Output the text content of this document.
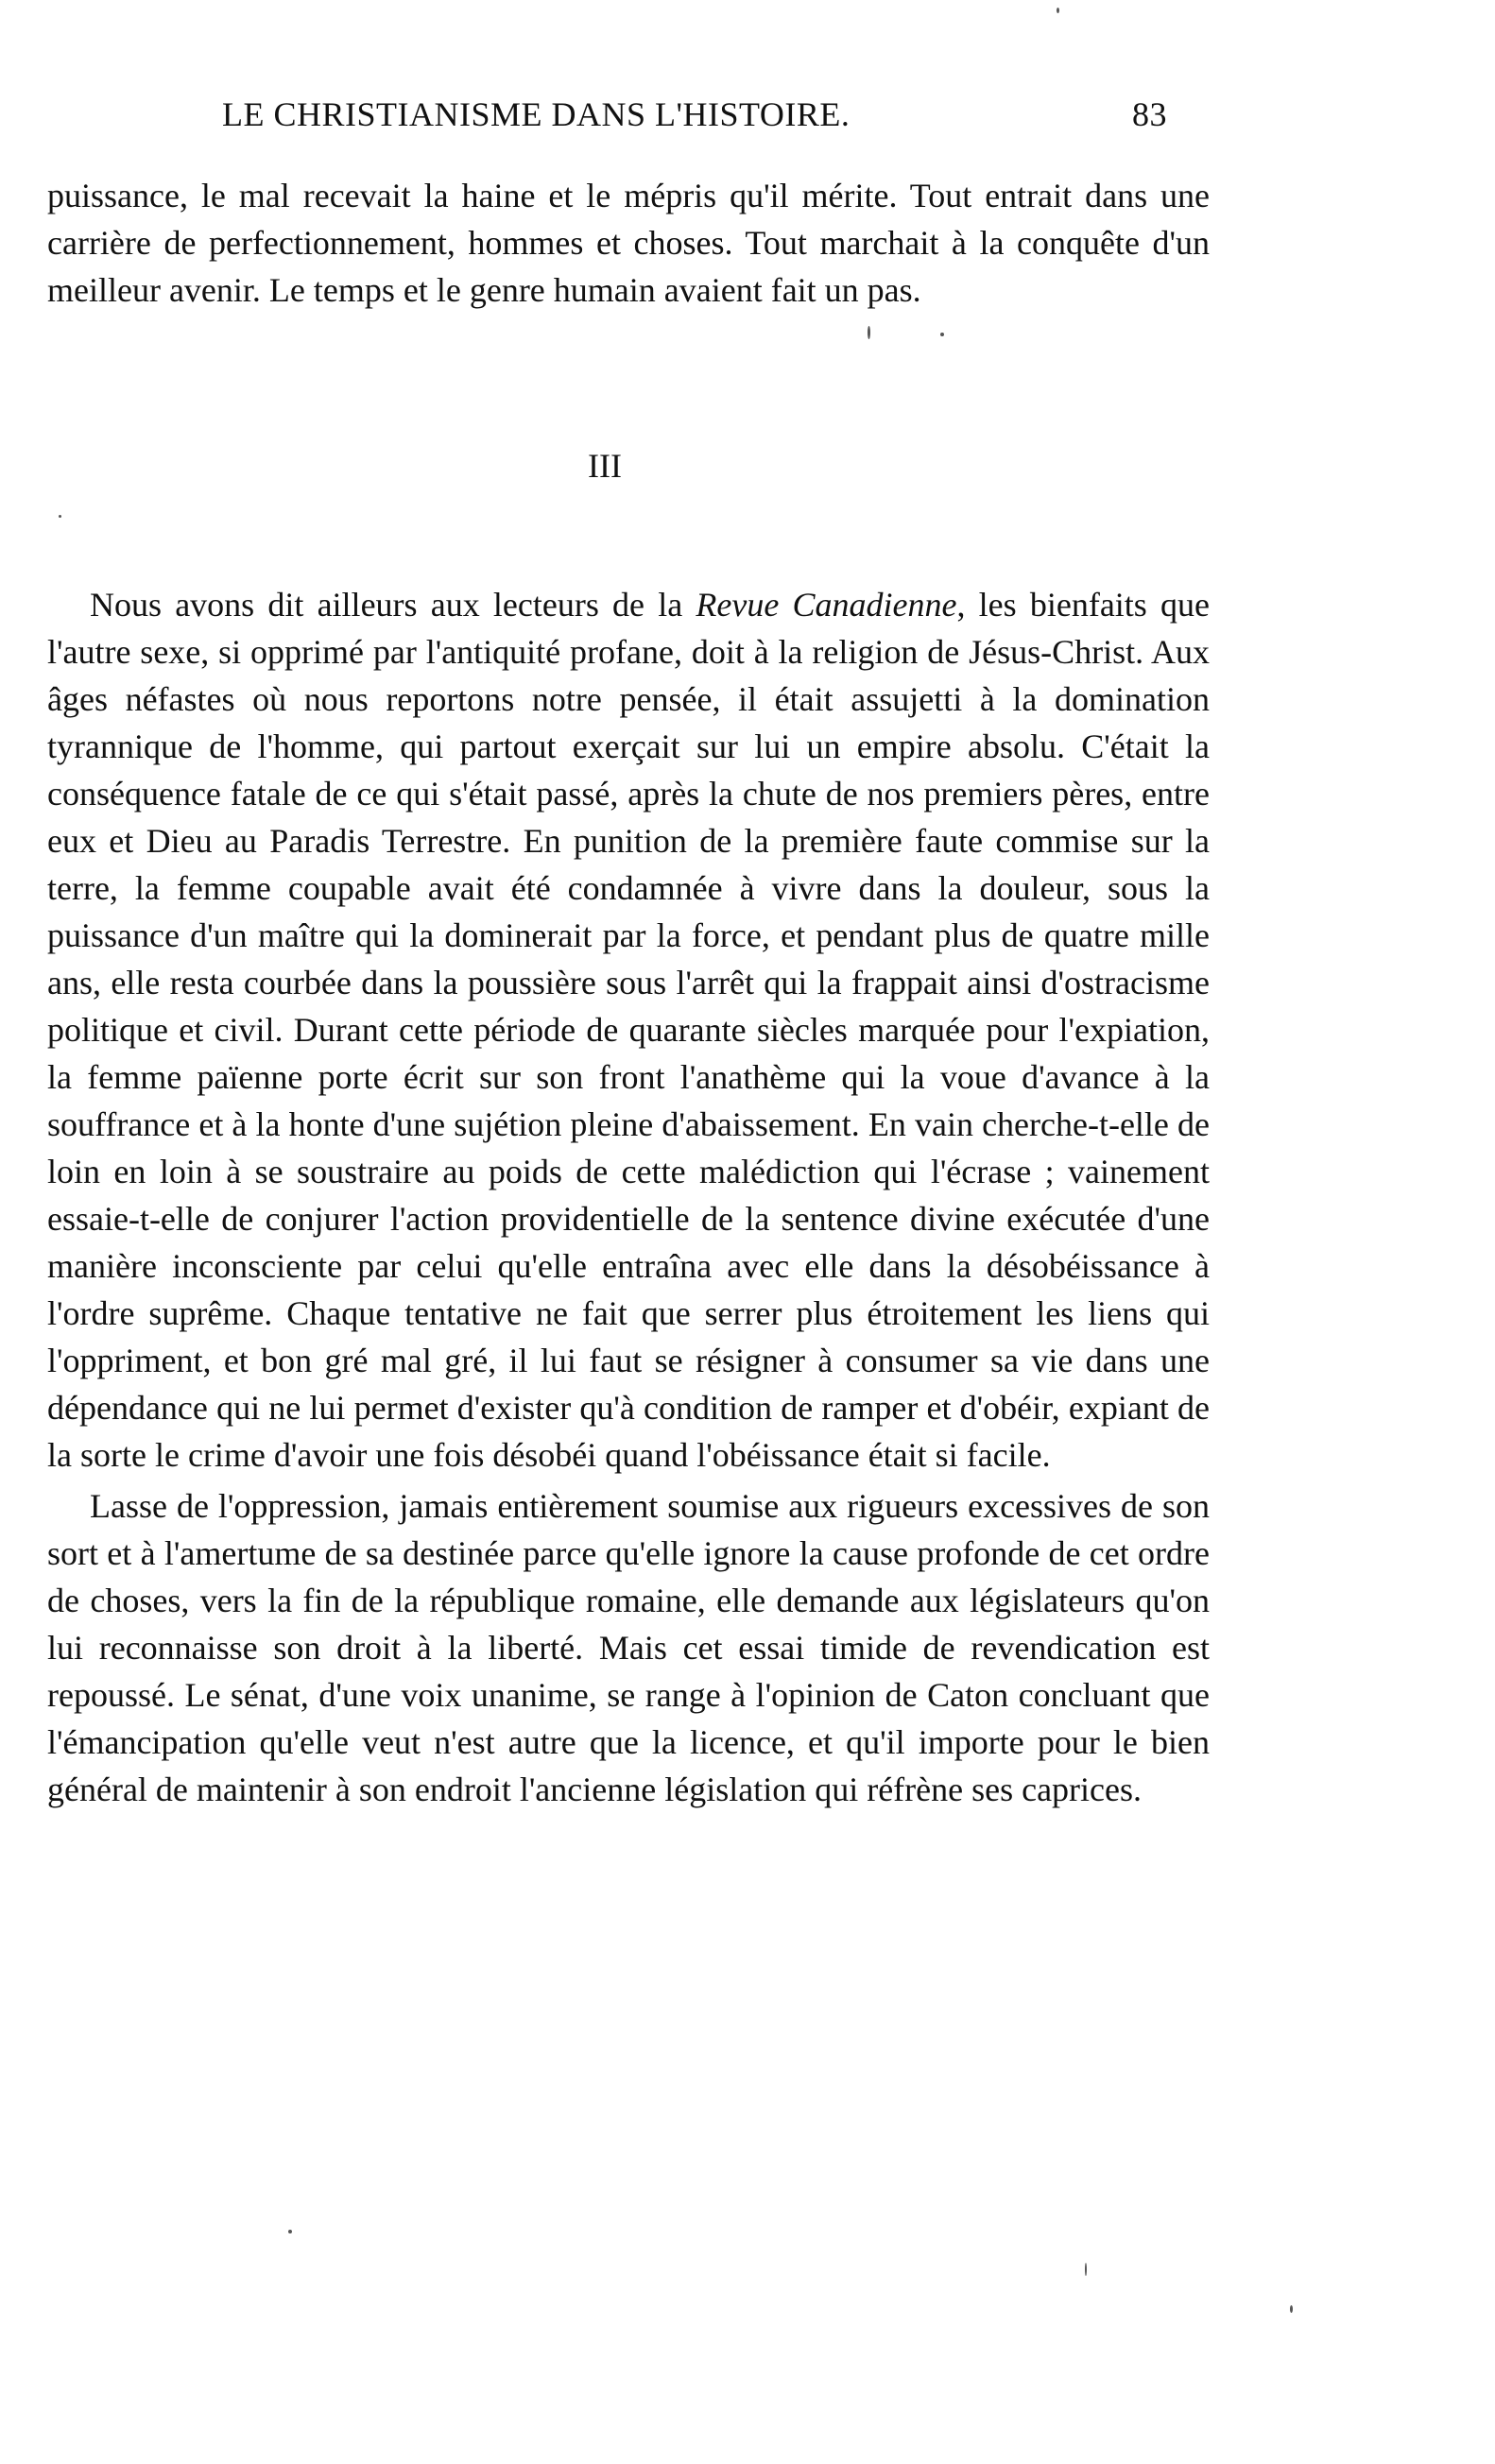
LE CHRISTIANISME DANS L'HISTOIRE.	83

puissance, le mal recevait la haine et le mépris qu'il mérite. Tout entrait dans une carrière de perfectionnement, hommes et choses. Tout marchait à la conquête d'un meilleur avenir. Le temps et le genre humain avaient fait un pas.

III

Nous avons dit ailleurs aux lecteurs de la Revue Canadienne, les bienfaits que l'autre sexe, si opprimé par l'antiquité profane, doit à la religion de Jésus-Christ. Aux âges néfastes où nous reportons notre pensée, il était assujetti à la domination tyrannique de l'homme, qui partout exerçait sur lui un empire absolu. C'était la conséquence fatale de ce qui s'était passé, après la chute de nos premiers pères, entre eux et Dieu au Paradis Terrestre. En punition de la première faute commise sur la terre, la femme coupable avait été condamnée à vivre dans la douleur, sous la puissance d'un maître qui la dominerait par la force, et pendant plus de quatre mille ans, elle resta courbée dans la poussière sous l'arrêt qui la frappait ainsi d'ostracisme politique et civil. Durant cette période de quarante siècles marquée pour l'expiation, la femme païenne porte écrit sur son front l'anathème qui la voue d'avance à la souffrance et à la honte d'une sujétion pleine d'abaissement. En vain cherche-t-elle de loin en loin à se soustraire au poids de cette malédiction qui l'écrase ; vainement essaie-t-elle de conjurer l'action providentielle de la sentence divine exécutée d'une manière inconsciente par celui qu'elle entraîna avec elle dans la désobéissance à l'ordre suprême. Chaque tentative ne fait que serrer plus étroitement les liens qui l'oppriment, et bon gré mal gré, il lui faut se résigner à consumer sa vie dans une dépendance qui ne lui permet d'exister qu'à condition de ramper et d'obéir, expiant de la sorte le crime d'avoir une fois désobéi quand l'obéissance était si facile.

Lasse de l'oppression, jamais entièrement soumise aux rigueurs excessives de son sort et à l'amertume de sa destinée parce qu'elle ignore la cause profonde de cet ordre de choses, vers la fin de la république romaine, elle demande aux législateurs qu'on lui reconnaisse son droit à la liberté. Mais cet essai timide de revendication est repoussé. Le sénat, d'une voix unanime, se range à l'opinion de Caton concluant que l'émancipation qu'elle veut n'est autre que la licence, et qu'il importe pour le bien général de maintenir à son endroit l'ancienne législation qui réfrène ses caprices.
